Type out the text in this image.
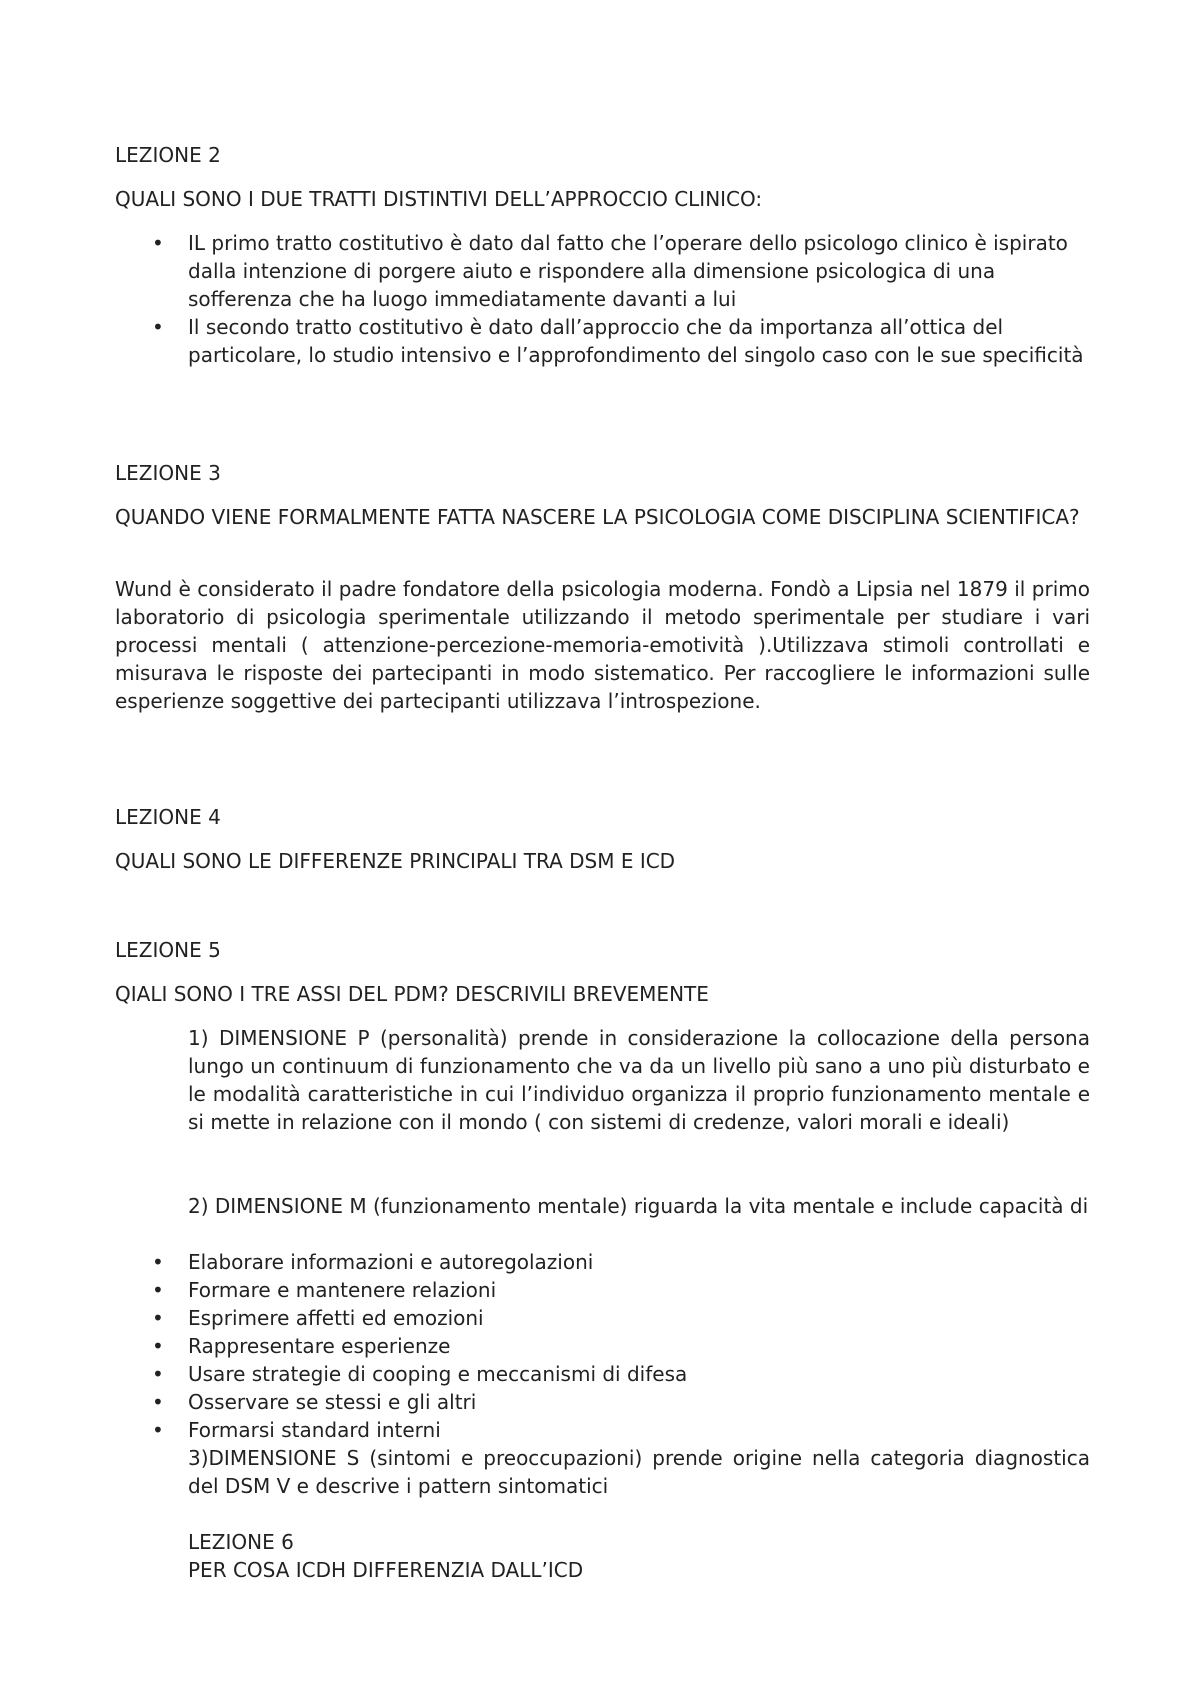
LEZIONE 2

QUALI SONO I DUE TRATTI DISTINTIVI DELL’APPROCCIO CLINICO:

• IL primo tratto costitutivo è dato dal fatto che l’operare dello psicologo clinico è ispirato dalla intenzione di porgere aiuto e rispondere alla dimensione psicologica di una sofferenza che ha luogo immediatamente davanti a lui
• Il secondo tratto costitutivo è dato dall’approccio che da importanza all’ottica del particolare, lo studio intensivo e l’approfondimento del singolo caso con le sue specificità
LEZIONE 3

QUANDO VIENE FORMALMENTE FATTA NASCERE LA PSICOLOGIA COME DISCIPLINA SCIENTIFICA?

Wund è considerato il padre fondatore della psicologia moderna. Fondò a Lipsia nel 1879 il primo laboratorio di psicologia sperimentale utilizzando il metodo sperimentale per studiare i vari processi mentali ( attenzione-percezione-memoria-emotività ).Utilizzava stimoli controllati e misurava le risposte dei partecipanti in modo sistematico. Per raccogliere le informazioni sulle esperienze soggettive dei partecipanti utilizzava l’introspezione.

LEZIONE 4

QUALI SONO LE DIFFERENZE PRINCIPALI TRA DSM E ICD

LEZIONE 5

QIALI SONO I TRE ASSI DEL PDM? DESCRIVILI BREVEMENTE

1) DIMENSIONE P (personalità) prende in considerazione la collocazione della persona lungo un continuum di funzionamento che va da un livello più sano a uno più disturbato e le modalità caratteristiche in cui l’individuo organizza il proprio funzionamento mentale e si mette in relazione con il mondo ( con sistemi di credenze, valori morali e ideali)

2) DIMENSIONE M (funzionamento mentale) riguarda la vita mentale e include capacità di

• Elaborare informazioni e autoregolazioni
• Formare e mantenere relazioni
• Esprimere affetti ed emozioni
• Rappresentare esperienze
• Usare strategie di cooping e meccanismi di difesa
• Osservare se stessi e gli altri
• Formarsi standard interni

3)DIMENSIONE S (sintomi e preoccupazioni) prende origine nella categoria diagnostica del DSM V e descrive i pattern sintomatici

LEZIONE 6

PER COSA ICDH DIFFERENZIA DALL’ICD
